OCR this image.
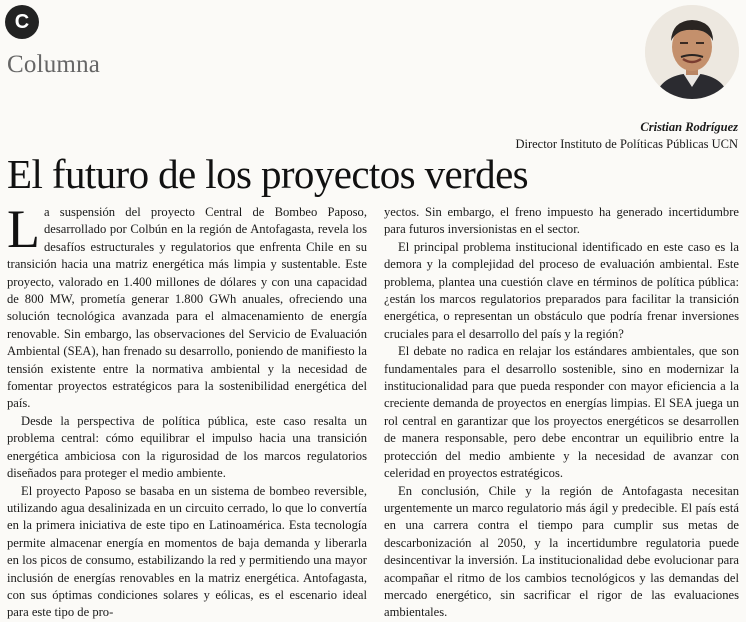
C
Columna
Cristian Rodríguez
Director Instituto de Políticas Públicas UCN
El futuro de los proyectos verdes

La suspensión del proyecto Central de Bombeo Paposo, desarrollado por Colbún en la región de Antofagasta, revela los desafíos estructurales y regulatorios que enfrenta Chile en su transición hacia una matriz energética más limpia y sustentable. Este proyecto, valorado en 1.400 millones de dólares y con una capacidad de 800 MW, prometía generar 1.800 GWh anuales, ofreciendo una solución tecnológica avanzada para el almacenamiento de energía renovable. Sin embargo, las observaciones del Servicio de Evaluación Ambiental (SEA), han frenado su desarrollo, poniendo de manifiesto la tensión existente entre la normativa ambiental y la necesidad de fomentar proyectos estratégicos para la sostenibilidad energética del país.

Desde la perspectiva de política pública, este caso resalta un problema central: cómo equilibrar el impulso hacia una transición energética ambiciosa con la rigurosidad de los marcos regulatorios diseñados para proteger el medio ambiente.

El proyecto Paposo se basaba en un sistema de bombeo reversible, utilizando agua desalinizada en un circuito cerrado, lo que lo convertía en la primera iniciativa de este tipo en Latinoamérica. Esta tecnología permite almacenar energía en momentos de baja demanda y liberarla en los picos de consumo, estabilizando la red y permitiendo una mayor inclusión de energías renovables en la matriz energética. Antofagasta, con sus óptimas condiciones solares y eólicas, es el escenario ideal para este tipo de pro-

yectos. Sin embargo, el freno impuesto ha generado incertidumbre para futuros inversionistas en el sector.

El principal problema institucional identificado en este caso es la demora y la complejidad del proceso de evaluación ambiental. Este problema, plantea una cuestión clave en términos de política pública: ¿están los marcos regulatorios preparados para facilitar la transición energética, o representan un obstáculo que podría frenar inversiones cruciales para el desarrollo del país y la región?

El debate no radica en relajar los estándares ambientales, que son fundamentales para el desarrollo sostenible, sino en modernizar la institucionalidad para que pueda responder con mayor eficiencia a la creciente demanda de proyectos en energías limpias. El SEA juega un rol central en garantizar que los proyectos energéticos se desarrollen de manera responsable, pero debe encontrar un equilibrio entre la protección del medio ambiente y la necesidad de avanzar con celeridad en proyectos estratégicos.

En conclusión, Chile y la región de Antofagasta necesitan urgentemente un marco regulatorio más ágil y predecible. El país está en una carrera contra el tiempo para cumplir sus metas de descarbonización al 2050, y la incertidumbre regulatoria puede desincentivar la inversión. La institucionalidad debe evolucionar para acompañar el ritmo de los cambios tecnológicos y las demandas del mercado energético, sin sacrificar el rigor de las evaluaciones ambientales.
